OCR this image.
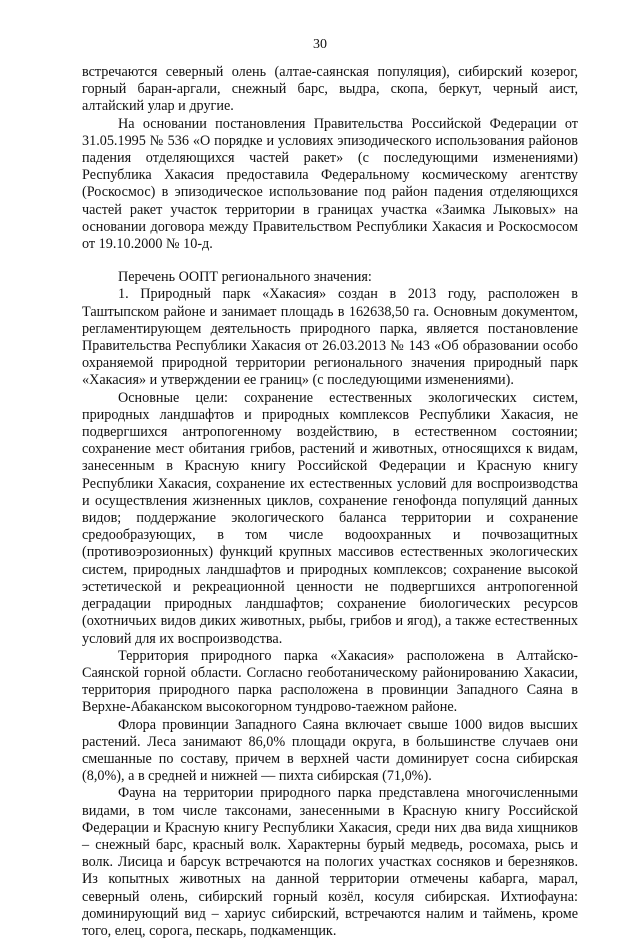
30

встречаются северный олень (алтае-саянская популяция), сибирский козерог, горный баран-аргали, снежный барс, выдра, скопа, беркут, черный аист, алтайский улар и другие.

На основании постановления Правительства Российской Федерации от 31.05.1995 № 536 «О порядке и условиях эпизодического использования районов падения отделяющихся частей ракет» (с последующими изменениями) Республика Хакасия предоставила Федеральному космическому агентству (Роскосмос) в эпизодическое использование под район падения отделяющихся частей ракет участок территории в границах участка «Заимка Лыковых» на основании договора между Правительством Республики Хакасия и Роскосмосом от 19.10.2000 № 10-д.

Перечень ООПТ регионального значения:

1. Природный парк «Хакасия» создан в 2013 году, расположен в Таштыпском районе и занимает площадь в 162638,50 га. Основным документом, регламентирующем деятельность природного парка, является постановление Правительства Республики Хакасия от 26.03.2013 № 143 «Об образовании особо охраняемой природной территории регионального значения природный парк «Хакасия» и утверждении ее границ» (с последующими изменениями).

Основные цели: сохранение естественных экологических систем, природных ландшафтов и природных комплексов Республики Хакасия, не подвергшихся антропогенному воздействию, в естественном состоянии; сохранение мест обитания грибов, растений и животных, относящихся к видам, занесенным в Красную книгу Российской Федерации и Красную книгу Республики Хакасия, сохранение их естественных условий для воспроизводства и осуществления жизненных циклов, сохранение генофонда популяций данных видов; поддержание экологического баланса территории и сохранение средообразующих, в том числе водоохранных и почвозащитных (противоэрозионных) функций крупных массивов естественных экологических систем, природных ландшафтов и природных комплексов; сохранение высокой эстетической и рекреационной ценности не подвергшихся антропогенной деградации природных ландшафтов; сохранение биологических ресурсов (охотничьих видов диких животных, рыбы, грибов и ягод), а также естественных условий для их воспроизводства.

Территория природного парка «Хакасия» расположена в Алтайско-Саянской горной области. Согласно геоботаническому районированию Хакасии, территория природного парка расположена в провинции Западного Саяна в Верхне-Абаканском высокогорном тундрово-таежном районе.

Флора провинции Западного Саяна включает свыше 1000 видов высших растений. Леса занимают 86,0% площади округа, в большинстве случаев они смешанные по составу, причем в верхней части доминирует сосна сибирская (8,0%), а в средней и нижней — пихта сибирская (71,0%).

Фауна на территории природного парка представлена многочисленными видами, в том числе таксонами, занесенными в Красную книгу Российской Федерации и Красную книгу Республики Хакасия, среди них два вида хищников – снежный барс, красный волк. Характерны бурый медведь, росомаха, рысь и волк. Лисица и барсук встречаются на пологих участках сосняков и березняков. Из копытных животных на данной территории отмечены кабарга, марал, северный олень, сибирский горный козёл, косуля сибирская. Ихтиофауна: доминирующий вид – хариус сибирский, встречаются налим и таймень, кроме того, елец, сорога, пескарь, подкаменщик.
